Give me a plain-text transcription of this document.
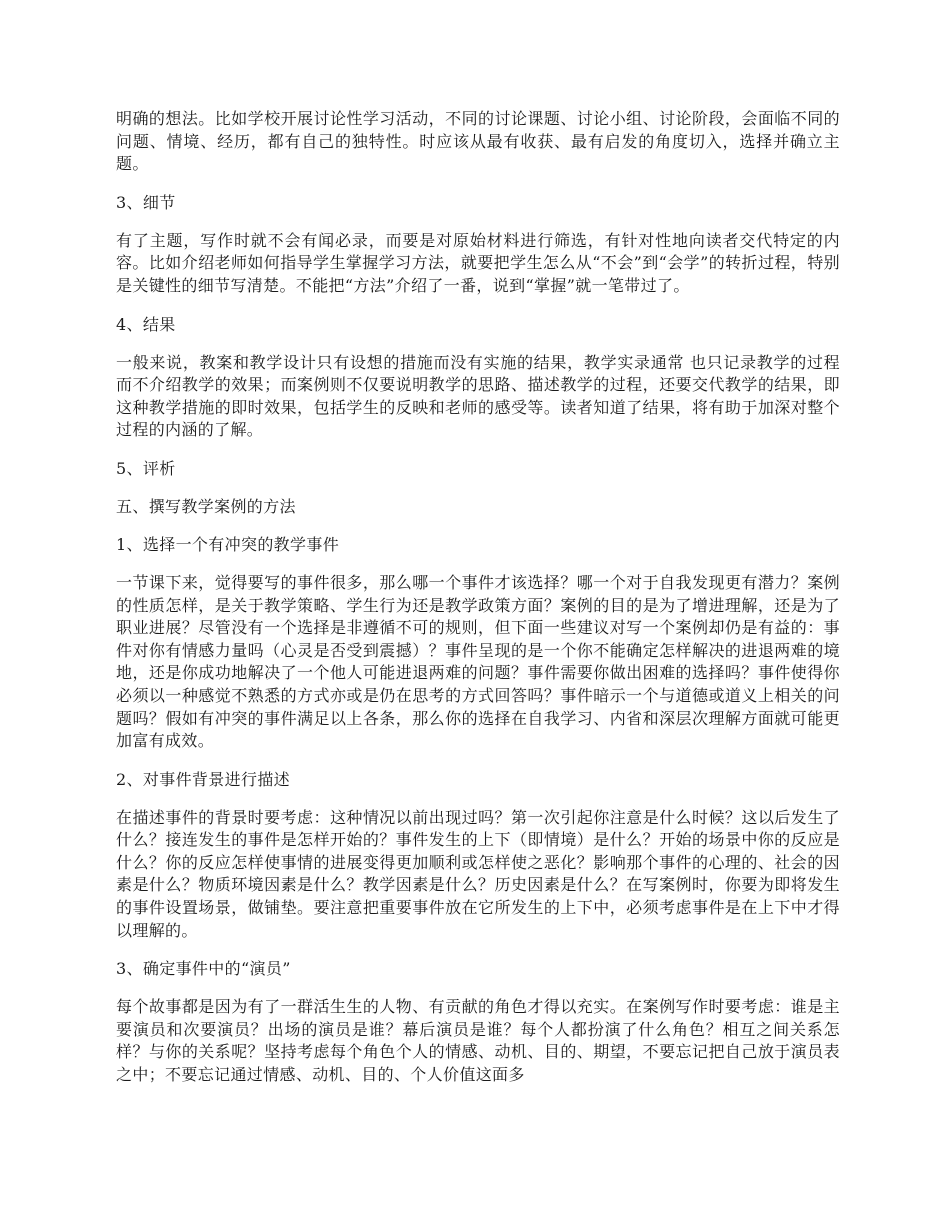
明确的想法。比如学校开展讨论性学习活动，不同的讨论课题、讨论小组、讨论阶段，会面临不同的问题、情境、经历，都有自己的独特性。时应该从最有收获、最有启发的角度切入，选择并确立主题。

3、细节

有了主题，写作时就不会有闻必录，而要是对原始材料进行筛选，有针对性地向读者交代特定的内容。比如介绍老师如何指导学生掌握学习方法，就要把学生怎么从“不会”到“会学”的转折过程，特别是关键性的细节写清楚。不能把“方法”介绍了一番，说到“掌握”就一笔带过了。

4、结果

一般来说，教案和教学设计只有设想的措施而没有实施的结果，教学实录通常 也只记录教学的过程而不介绍教学的效果；而案例则不仅要说明教学的思路、描述教学的过程，还要交代教学的结果，即这种教学措施的即时效果，包括学生的反映和老师的感受等。读者知道了结果，将有助于加深对整个过程的内涵的了解。

5、评析

五、撰写教学案例的方法

1、选择一个有冲突的教学事件

一节课下来，觉得要写的事件很多，那么哪一个事件才该选择？哪一个对于自我发现更有潜力？案例的性质怎样，是关于教学策略、学生行为还是教学政策方面？案例的目的是为了增进理解，还是为了职业进展？尽管没有一个选择是非遵循不可的规则，但下面一些建议对写一个案例却仍是有益的：事件对你有情感力量吗（心灵是否受到震撼）？事件呈现的是一个你不能确定怎样解决的进退两难的境地，还是你成功地解决了一个他人可能进退两难的问题？事件需要你做出困难的选择吗？事件使得你必须以一种感觉不熟悉的方式亦或是仍在思考的方式回答吗？事件暗示一个与道德或道义上相关的问题吗？假如有冲突的事件满足以上各条，那么你的选择在自我学习、内省和深层次理解方面就可能更加富有成效。

2、对事件背景进行描述

在描述事件的背景时要考虑：这种情况以前出现过吗？第一次引起你注意是什么时候？这以后发生了什么？接连发生的事件是怎样开始的？事件发生的上下（即情境）是什么？开始的场景中你的反应是什么？你的反应怎样使事情的进展变得更加顺利或怎样使之恶化？影响那个事件的心理的、社会的因素是什么？物质环境因素是什么？教学因素是什么？历史因素是什么？在写案例时，你要为即将发生的事件设置场景，做铺垫。要注意把重要事件放在它所发生的上下中，必须考虑事件是在上下中才得以理解的。

3、确定事件中的“演员”

每个故事都是因为有了一群活生生的人物、有贡献的角色才得以充实。在案例写作时要考虑：谁是主要演员和次要演员？出场的演员是谁？幕后演员是谁？每个人都扮演了什么角色？相互之间关系怎样？与你的关系呢？坚持考虑每个角色个人的情感、动机、目的、期望，不要忘记把自己放于演员表之中；不要忘记通过情感、动机、目的、个人价值这面多
